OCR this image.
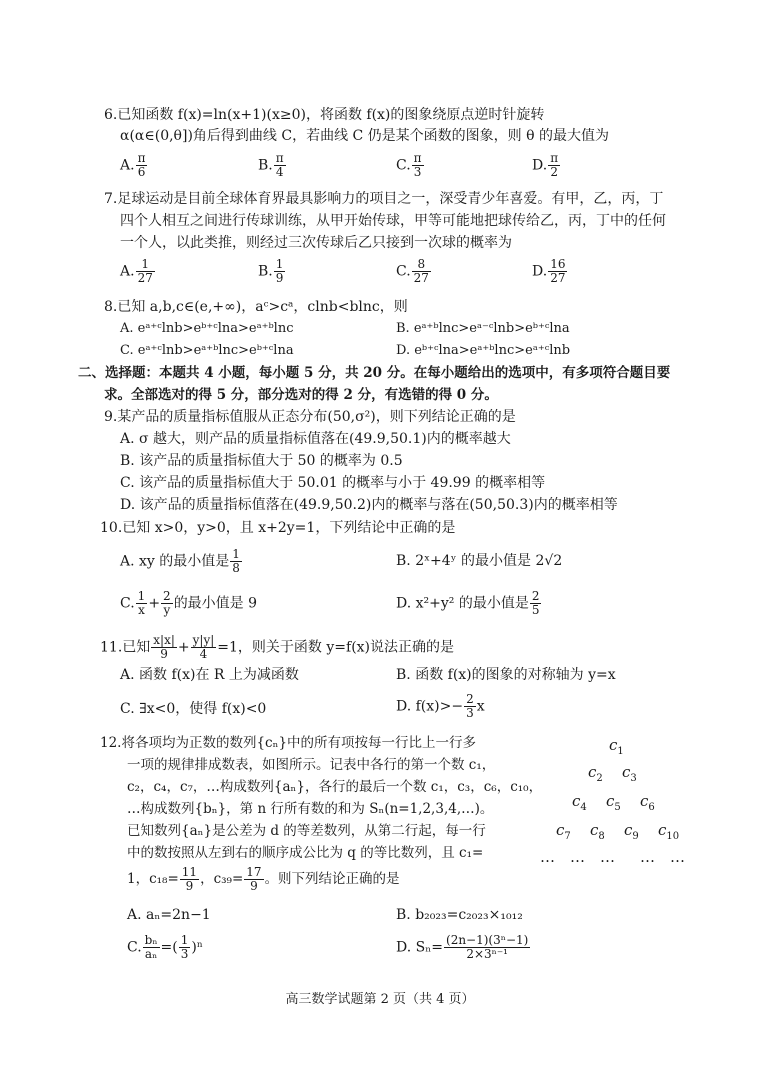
6.已知函数 f(x)=ln(x+1)(x≥0)，将函数 f(x)的图象绕原点逆时针旋转
α(α∈(0,θ])角后得到曲线 C，若曲线 C 仍是某个函数的图象，则 θ 的最大值为
A. $\frac{\pi}{6}$	B. $\frac{\pi}{4}$	C. $\frac{\pi}{3}$	D. $\frac{\pi}{2}$
7.足球运动是目前全球体育界最具影响力的项目之一，深受青少年喜爱。有甲，乙，丙，丁
四个人相互之间进行传球训练，从甲开始传球，甲等可能地把球传给乙，丙，丁中的任何
一个人，以此类推，则经过三次传球后乙只接到一次球的概率为
A. $\frac{1}{27}$	B. $\frac{1}{9}$	C. $\frac{8}{27}$	D. $\frac{16}{27}$
8.已知 a,b,c∈(e,+∞)，aᶜ>cᵃ，clnb<blnc，则
A. eᵃ⁺ᶜlnb>eᵇ⁺ᶜlna>eᵃ⁺ᵇlnc	B. eᵃ⁺ᵇlnc>eᵃ⁻ᶜlnb>eᵇ⁺ᶜlna
C. eᵃ⁺ᶜlnb>eᵃ⁺ᵇlnc>eᵇ⁺ᶜlna	D. eᵇ⁺ᶜlna>eᵃ⁺ᵇlnc>eᵃ⁺ᶜlnb
二、选择题：本题共 4 小题，每小题 5 分，共 20 分。在每小题给出的选项中，有多项符合题目要
求。全部选对的得 5 分，部分选对的得 2 分，有选错的得 0 分。
9.某产品的质量指标值服从正态分布(50,σ²)，则下列结论正确的是
A. σ 越大，则产品的质量指标值落在(49.9,50.1)内的概率越大
B. 该产品的质量指标值大于 50 的概率为 0.5
C. 该产品的质量指标值大于 50.01 的概率与小于 49.99 的概率相等
D. 该产品的质量指标值落在(49.9,50.2)内的概率与落在(50,50.3)内的概率相等
10.已知 x>0，y>0，且 x+2y=1，下列结论中正确的是
A. xy 的最小值是 $\frac{1}{8}$	B. 2ˣ+4ʸ 的最小值是 2√2
C. $\frac{1}{x} + \frac{2}{y}$ 的最小值是 9	D. x²+y² 的最小值是 $\frac{2}{5}$
11.已知 $\frac{x|x|}{9} + \frac{y|y|}{4} =1$，则关于函数 y=f(x)说法正确的是
A. 函数 f(x)在 R 上为减函数	B. 函数 f(x)的图象的对称轴为 y=x
C. ∃x<0，使得 f(x)<0	D. $f(x)>- \frac{2}{3}$ x
12.将各项均为正数的数列{cₙ}中的所有项按每一行比上一行多
一项的规律排成数表，如图所示。记表中各行的第一个数 c₁，
c₂，c₄，c₇，…构成数列{aₙ}，各行的最后一个数 c₁，c₃，c₆，c₁₀，
…构成数列{bₙ}，第 n 行所有数的和为 Sₙ(n=1,2,3,4,…)。
已知数列{aₙ}是公差为 d 的等差数列，从第二行起，每一行
中的数按照从左到右的顺序成公比为 q 的等比数列，且 c₁=
1，$c_{18}= \frac{11}{9}$ ，$c_{39}= \frac{17}{9}$ 。则下列结论正确的是
A. aₙ=2n−1	B. b₂₀₂₃=c₂₀₂₃×₁₀₁₂
C. $\frac{\text{bₙ}}{\text{aₙ}}$ =( $\frac{1}{3} )^n$	D. $S_n= \frac{\text{(2n−1)(3ⁿ−1)}}{\text{2×3ⁿ⁻¹}}$
$c_1$
$c_2$ $c_3$
$c_4$ $c_5$ $c_6$
$c_7$ $c_8$ $c_9$ $c_{10}$
… … … … …
高三数学试题第 2 页（共 4 页）
